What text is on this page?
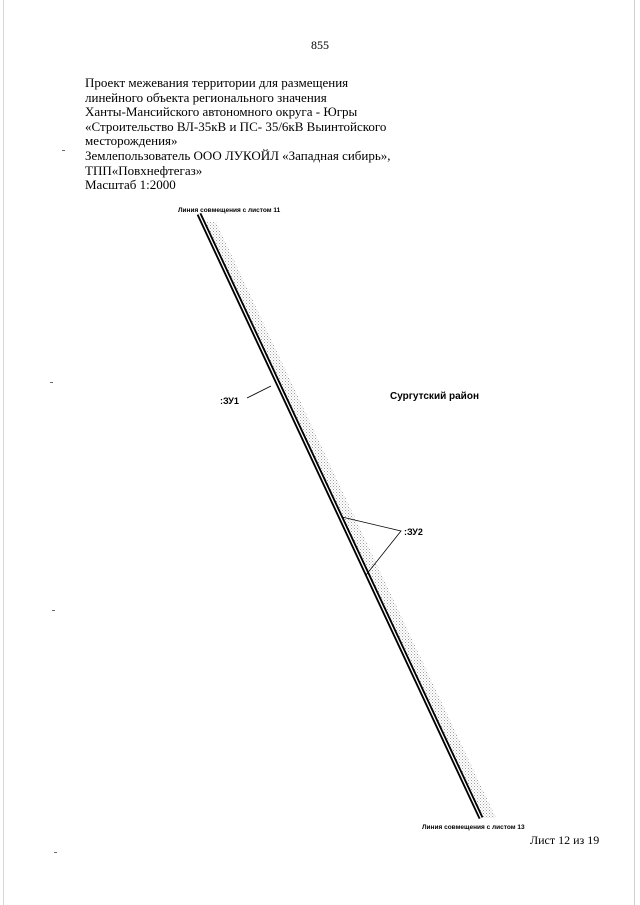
855
Проект межевания территории для размещения
линейного объекта регионального значения
Ханты-Мансийского автономного округа - Югры
«Строительство ВЛ-35кВ и ПС- 35/6кВ Выинтойского
месторождения»
Землепользователь ООО ЛУКОЙЛ «Западная сибирь»,
ТПП«Повхнефтегаз»
Масштаб 1:2000
Линия совмещения с листом 11
Линия совмещения с листом 13
Сургутский район
:ЗУ1
:ЗУ2
Лист 12 из 19
